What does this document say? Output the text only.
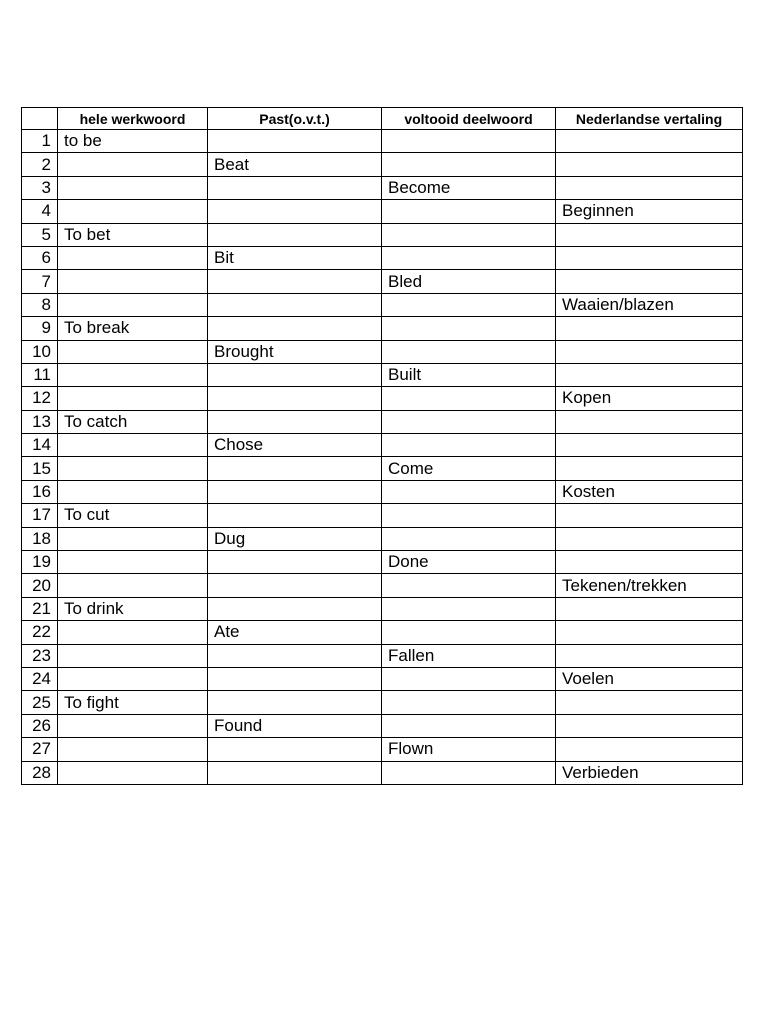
	hele werkwoord	Past(o.v.t.)	voltooid deelwoord	Nederlandse vertaling
1	to be			
2		Beat		
3			Become	
4				Beginnen
5	To bet			
6		Bit		
7			Bled	
8				Waaien/blazen
9	To break			
10		Brought		
11			Built	
12				Kopen
13	To catch			
14		Chose		
15			Come	
16				Kosten
17	To cut			
18		Dug		
19			Done	
20				Tekenen/trekken
21	To drink			
22		Ate		
23			Fallen	
24				Voelen
25	To fight			
26		Found		
27			Flown	
28				Verbieden
